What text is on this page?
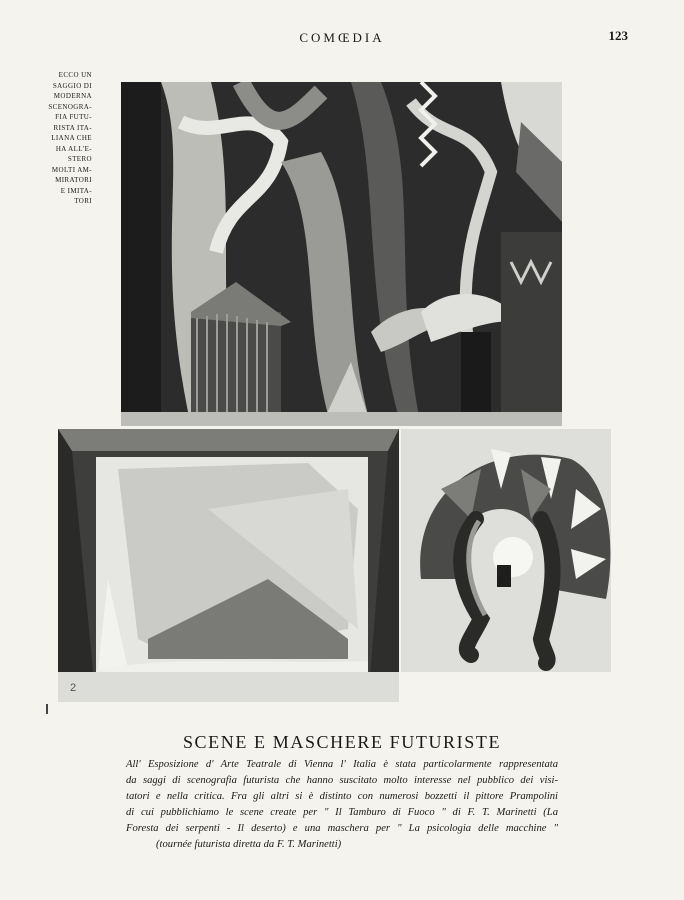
COMŒDIA	123
ECCO UN
SAGGIO DI
MODERNA
SCENOGRA-
FIA FUTU-
RISTA ITA-
LIANA CHE
HA ALL'E-
STERO
MOLTI AM-
MIRATORI
E IMITA-
TORI
2
SCENE E MASCHERE FUTURISTE
All' Esposizione d' Arte Teatrale di Vienna l' Italia è stata particolarmente rappresentata
da saggi di scenografia futurista che hanno suscitato molto interesse nel pubblico dei visi-
tatori e nella critica. Fra gli altri si è distinto con numerosi bozzetti il pittore Prampolini
di cui pubblichiamo le scene create per " Il Tamburo di Fuoco " di F. T. Marinetti (La
Foresta dei serpenti - Il deserto) e una maschera per " La psicologia delle macchine "
(tournée futurista diretta da F. T. Marinetti)
